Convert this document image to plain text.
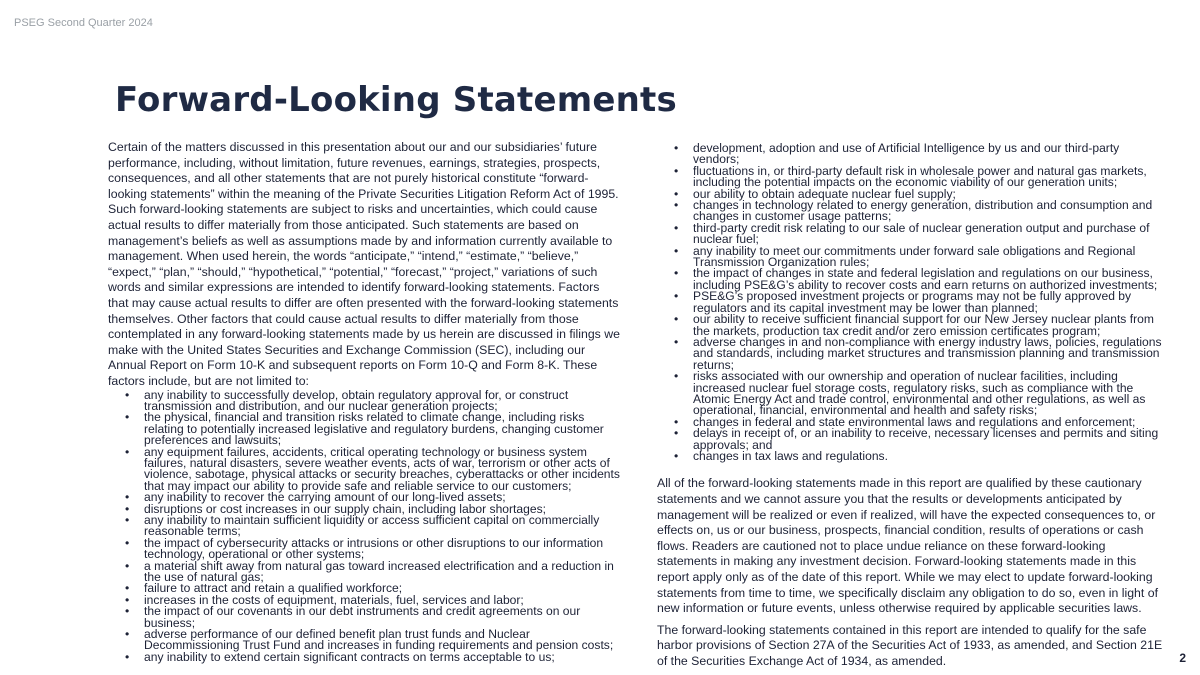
PSEG Second Quarter 2024
Forward-Looking Statements

Certain of the matters discussed in this presentation about our and our subsidiaries’ future performance, including, without limitation, future revenues, earnings, strategies, prospects, consequences, and all other statements that are not purely historical constitute “forward-looking statements” within the meaning of the Private Securities Litigation Reform Act of 1995. Such forward-looking statements are subject to risks and uncertainties, which could cause actual results to differ materially from those anticipated. Such statements are based on management’s beliefs as well as assumptions made by and information currently available to management. When used herein, the words “anticipate,” “intend,” “estimate,” “believe,” “expect,” “plan,” “should,” “hypothetical,” “potential,” “forecast,” “project,” variations of such words and similar expressions are intended to identify forward-looking statements. Factors that may cause actual results to differ are often presented with the forward-looking statements themselves. Other factors that could cause actual results to differ materially from those contemplated in any forward-looking statements made by us herein are discussed in filings we make with the United States Securities and Exchange Commission (SEC), including our Annual Report on Form 10-K and subsequent reports on Form 10-Q and Form 8-K. These factors include, but are not limited to:

• any inability to successfully develop, obtain regulatory approval for, or construct transmission and distribution, and our nuclear generation projects;
• the physical, financial and transition risks related to climate change, including risks relating to potentially increased legislative and regulatory burdens, changing customer preferences and lawsuits;
• any equipment failures, accidents, critical operating technology or business system failures, natural disasters, severe weather events, acts of war, terrorism or other acts of violence, sabotage, physical attacks or security breaches, cyberattacks or other incidents that may impact our ability to provide safe and reliable service to our customers;
• any inability to recover the carrying amount of our long-lived assets;
• disruptions or cost increases in our supply chain, including labor shortages;
• any inability to maintain sufficient liquidity or access sufficient capital on commercially reasonable terms;
• the impact of cybersecurity attacks or intrusions or other disruptions to our information technology, operational or other systems;
• a material shift away from natural gas toward increased electrification and a reduction in the use of natural gas;
• failure to attract and retain a qualified workforce;
• increases in the costs of equipment, materials, fuel, services and labor;
• the impact of our covenants in our debt instruments and credit agreements on our business;
• adverse performance of our defined benefit plan trust funds and Nuclear Decommissioning Trust Fund and increases in funding requirements and pension costs;
• any inability to extend certain significant contracts on terms acceptable to us;
• development, adoption and use of Artificial Intelligence by us and our third-party vendors;
• fluctuations in, or third-party default risk in wholesale power and natural gas markets, including the potential impacts on the economic viability of our generation units;
• our ability to obtain adequate nuclear fuel supply;
• changes in technology related to energy generation, distribution and consumption and changes in customer usage patterns;
• third-party credit risk relating to our sale of nuclear generation output and purchase of nuclear fuel;
• any inability to meet our commitments under forward sale obligations and Regional Transmission Organization rules;
• the impact of changes in state and federal legislation and regulations on our business, including PSE&G’s ability to recover costs and earn returns on authorized investments;
• PSE&G’s proposed investment projects or programs may not be fully approved by regulators and its capital investment may be lower than planned;
• our ability to receive sufficient financial support for our New Jersey nuclear plants from the markets, production tax credit and/or zero emission certificates program;
• adverse changes in and non-compliance with energy industry laws, policies, regulations and standards, including market structures and transmission planning and transmission returns;
• risks associated with our ownership and operation of nuclear facilities, including increased nuclear fuel storage costs, regulatory risks, such as compliance with the Atomic Energy Act and trade control, environmental and other regulations, as well as operational, financial, environmental and health and safety risks;
• changes in federal and state environmental laws and regulations and enforcement;
• delays in receipt of, or an inability to receive, necessary licenses and permits and siting approvals; and
• changes in tax laws and regulations.

All of the forward-looking statements made in this report are qualified by these cautionary statements and we cannot assure you that the results or developments anticipated by management will be realized or even if realized, will have the expected consequences to, or effects on, us or our business, prospects, financial condition, results of operations or cash flows. Readers are cautioned not to place undue reliance on these forward-looking statements in making any investment decision. Forward-looking statements made in this report apply only as of the date of this report. While we may elect to update forward-looking statements from time to time, we specifically disclaim any obligation to do so, even in light of new information or future events, unless otherwise required by applicable securities laws.

The forward-looking statements contained in this report are intended to qualify for the safe harbor provisions of Section 27A of the Securities Act of 1933, as amended, and Section 21E of the Securities Exchange Act of 1934, as amended.	2
